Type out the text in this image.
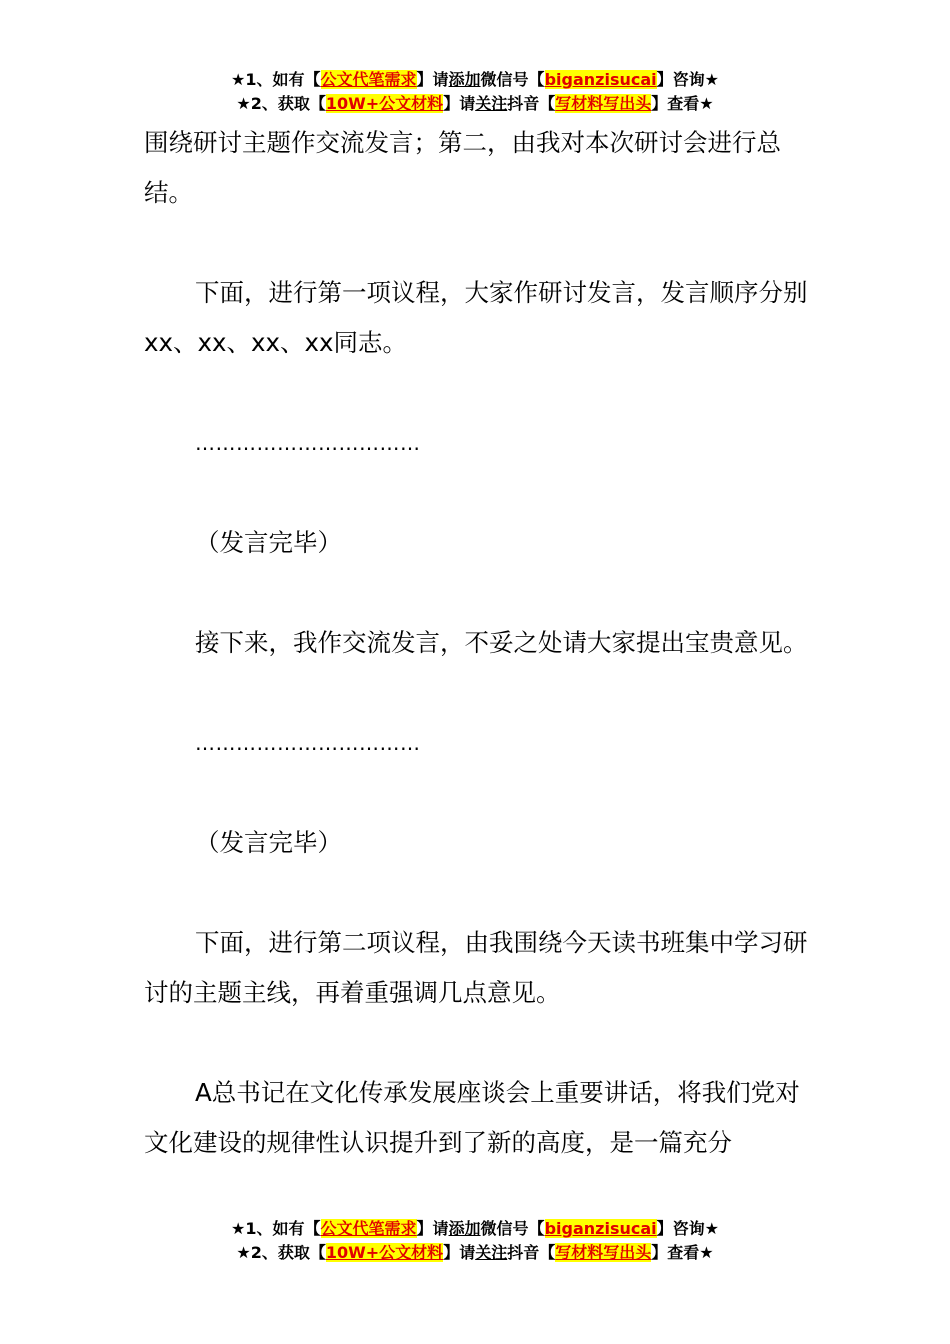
★1、如有【公文代笔需求】请添加微信号【biganzisucai】咨询★
★2、获取【10W+公文材料】请关注抖音【写材料写出头】查看★

围绕研讨主题作交流发言；第二，由我对本次研讨会进行总结。

下面，进行第一项议程，大家作研讨发言，发言顺序分别xx、xx、xx、xx同志。

……………………………

（发言完毕）

接下来，我作交流发言，不妥之处请大家提出宝贵意见。

……………………………

（发言完毕）

下面，进行第二项议程，由我围绕今天读书班集中学习研讨的主题主线，再着重强调几点意见。

A总书记在文化传承发展座谈会上重要讲话，将我们党对文化建设的规律性认识提升到了新的高度，是一篇充分

★1、如有【公文代笔需求】请添加微信号【biganzisucai】咨询★
★2、获取【10W+公文材料】请关注抖音【写材料写出头】查看★
